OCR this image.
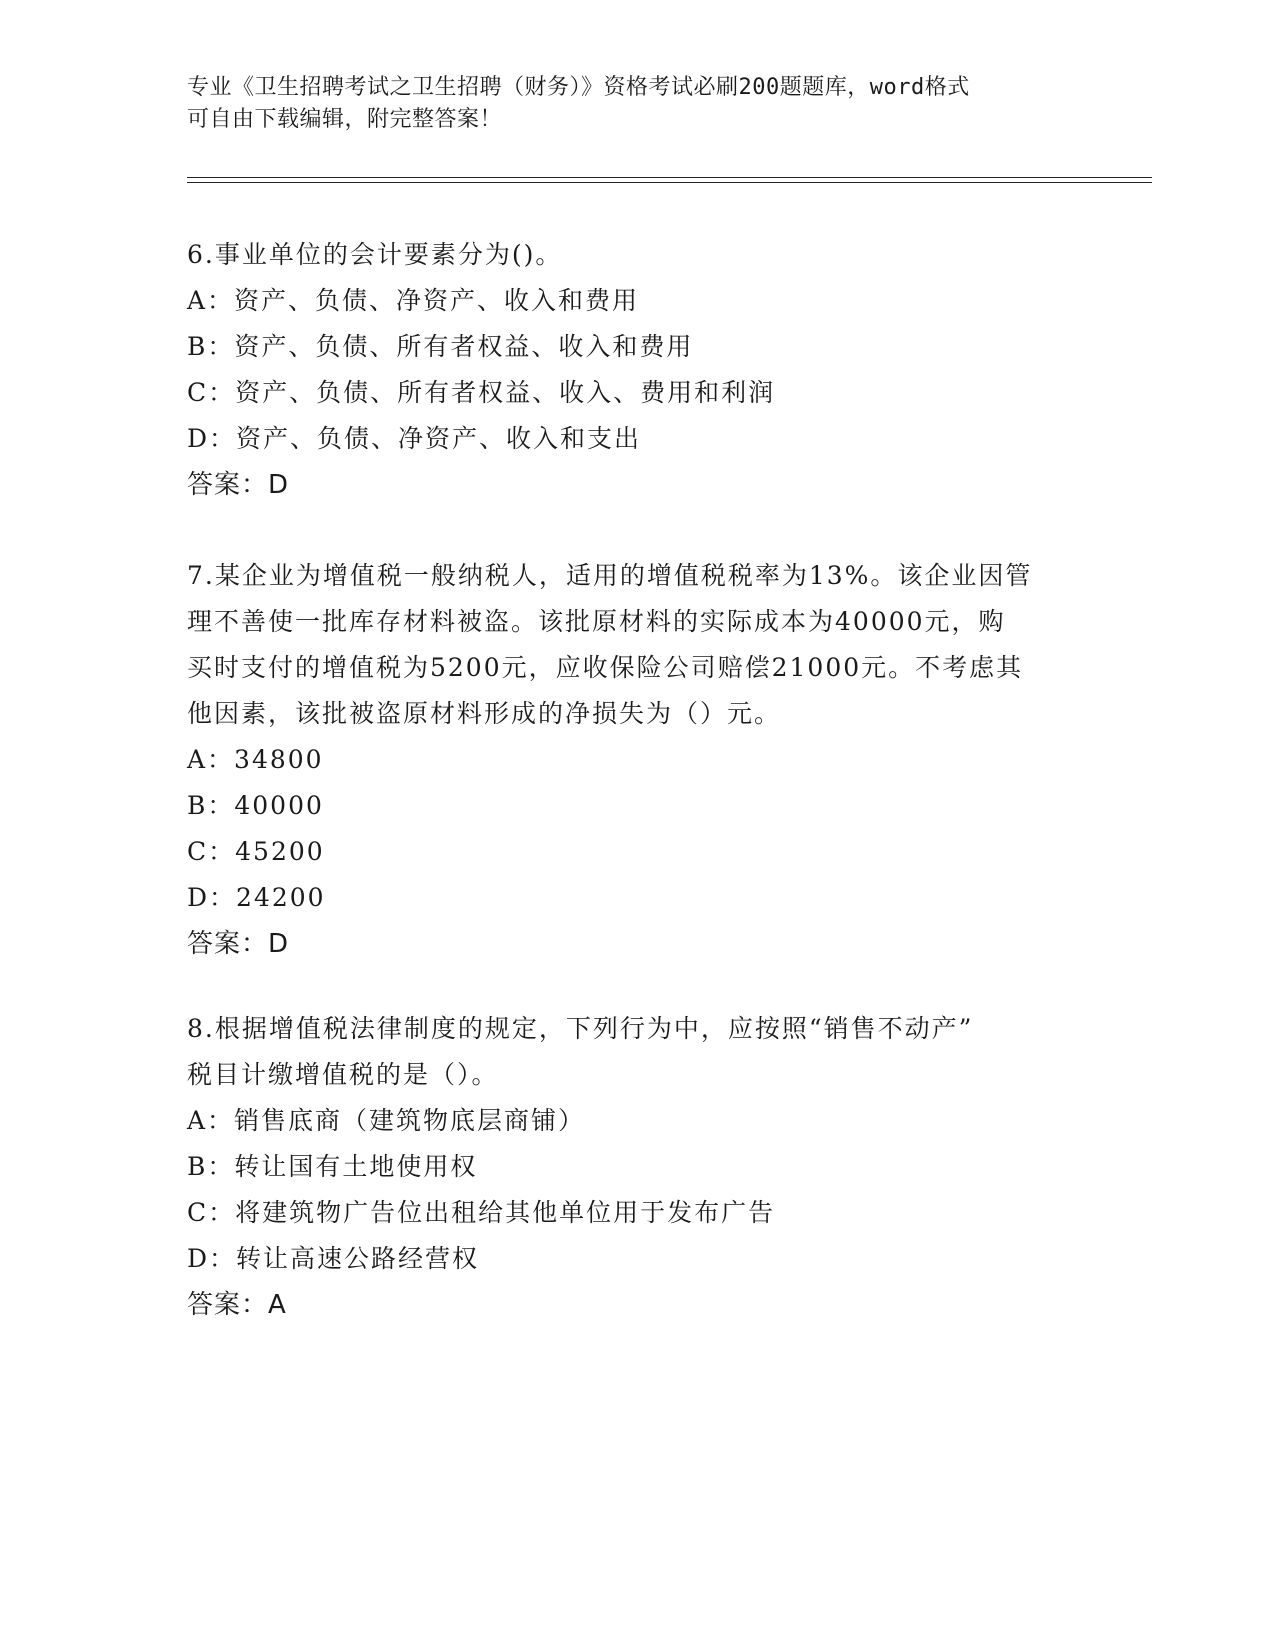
专业《卫生招聘考试之卫生招聘（财务）》资格考试必刷200题题库，word格式
可自由下载编辑，附完整答案！
6.事业单位的会计要素分为()。
A：资产、负债、净资产、收入和费用
B：资产、负债、所有者权益、收入和费用
C：资产、负债、所有者权益、收入、费用和利润
D：资产、负债、净资产、收入和支出
答案：D
7.某企业为增值税一般纳税人，适用的增值税税率为13%。该企业因管
理不善使一批库存材料被盗。该批原材料的实际成本为40000元，购
买时支付的增值税为5200元，应收保险公司赔偿21000元。不考虑其
他因素，该批被盗原材料形成的净损失为（）元。
A：34800
B：40000
C：45200
D：24200
答案：D
8.根据增值税法律制度的规定，下列行为中，应按照“销售不动产”
税目计缴增值税的是（）。
A：销售底商（建筑物底层商铺）
B：转让国有土地使用权
C：将建筑物广告位出租给其他单位用于发布广告
D：转让高速公路经营权
答案：A
